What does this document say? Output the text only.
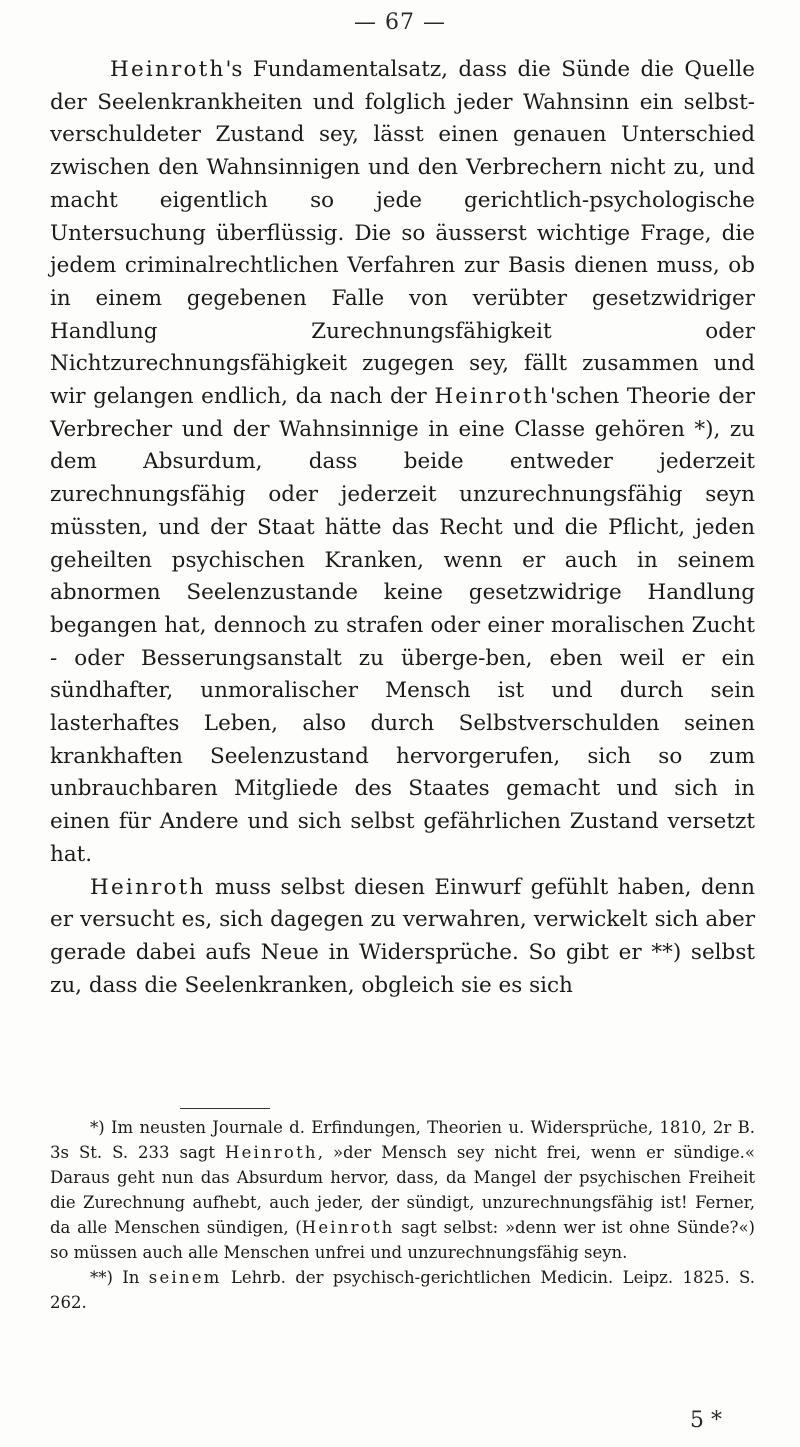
— 67 —

Heinroth's Fundamentalsatz, dass die Sünde die Quelle der Seelenkrankheiten und folglich jeder Wahnsinn ein selbst-verschuldeter Zustand sey, lässt einen genauen Unterschied zwischen den Wahnsinnigen und den Verbrechern nicht zu, und macht eigentlich so jede gerichtlich-psychologische Untersuchung überflüssig. Die so äusserst wichtige Frage, die jedem criminalrechtlichen Verfahren zur Basis dienen muss, ob in einem gegebenen Falle von verübter gesetzwidriger Handlung Zurechnungsfähigkeit oder Nichtzurechnungsfähigkeit zugegen sey, fällt zusammen und wir gelangen endlich, da nach der Heinroth'schen Theorie der Verbrecher und der Wahnsinnige in eine Classe gehören *), zu dem Absurdum, dass beide entweder jederzeit zurechnungsfähig oder jederzeit unzurechnungsfähig seyn müssten, und der Staat hätte das Recht und die Pflicht, jeden geheilten psychischen Kranken, wenn er auch in seinem abnormen Seelenzustande keine gesetzwidrige Handlung begangen hat, dennoch zu strafen oder einer moralischen Zucht - oder Besserungsanstalt zu überge-ben, eben weil er ein sündhafter, unmoralischer Mensch ist und durch sein lasterhaftes Leben, also durch Selbstverschulden seinen krankhaften Seelenzustand hervorgerufen, sich so zum unbrauchbaren Mitgliede des Staates gemacht und sich in einen für Andere und sich selbst gefährlichen Zustand versetzt hat.

Heinroth muss selbst diesen Einwurf gefühlt haben, denn er versucht es, sich dagegen zu verwahren, verwickelt sich aber gerade dabei aufs Neue in Widersprüche. So gibt er **) selbst zu, dass die Seelenkranken, obgleich sie es sich

*) Im neusten Journale d. Erfindungen, Theorien u. Widersprüche, 1810, 2r B. 3s St. S. 233 sagt Heinroth, »der Mensch sey nicht frei, wenn er sündige.« Daraus geht nun das Absurdum hervor, dass, da Mangel der psychischen Freiheit die Zurechnung aufhebt, auch jeder, der sündigt, unzurechnungsfähig ist! Ferner, da alle Menschen sündigen, (Heinroth sagt selbst: »denn wer ist ohne Sünde?«) so müssen auch alle Menschen unfrei und unzurechnungsfähig seyn.

**) In seinem Lehrb. der psychisch-gerichtlichen Medicin. Leipz. 1825. S. 262.

5 *
